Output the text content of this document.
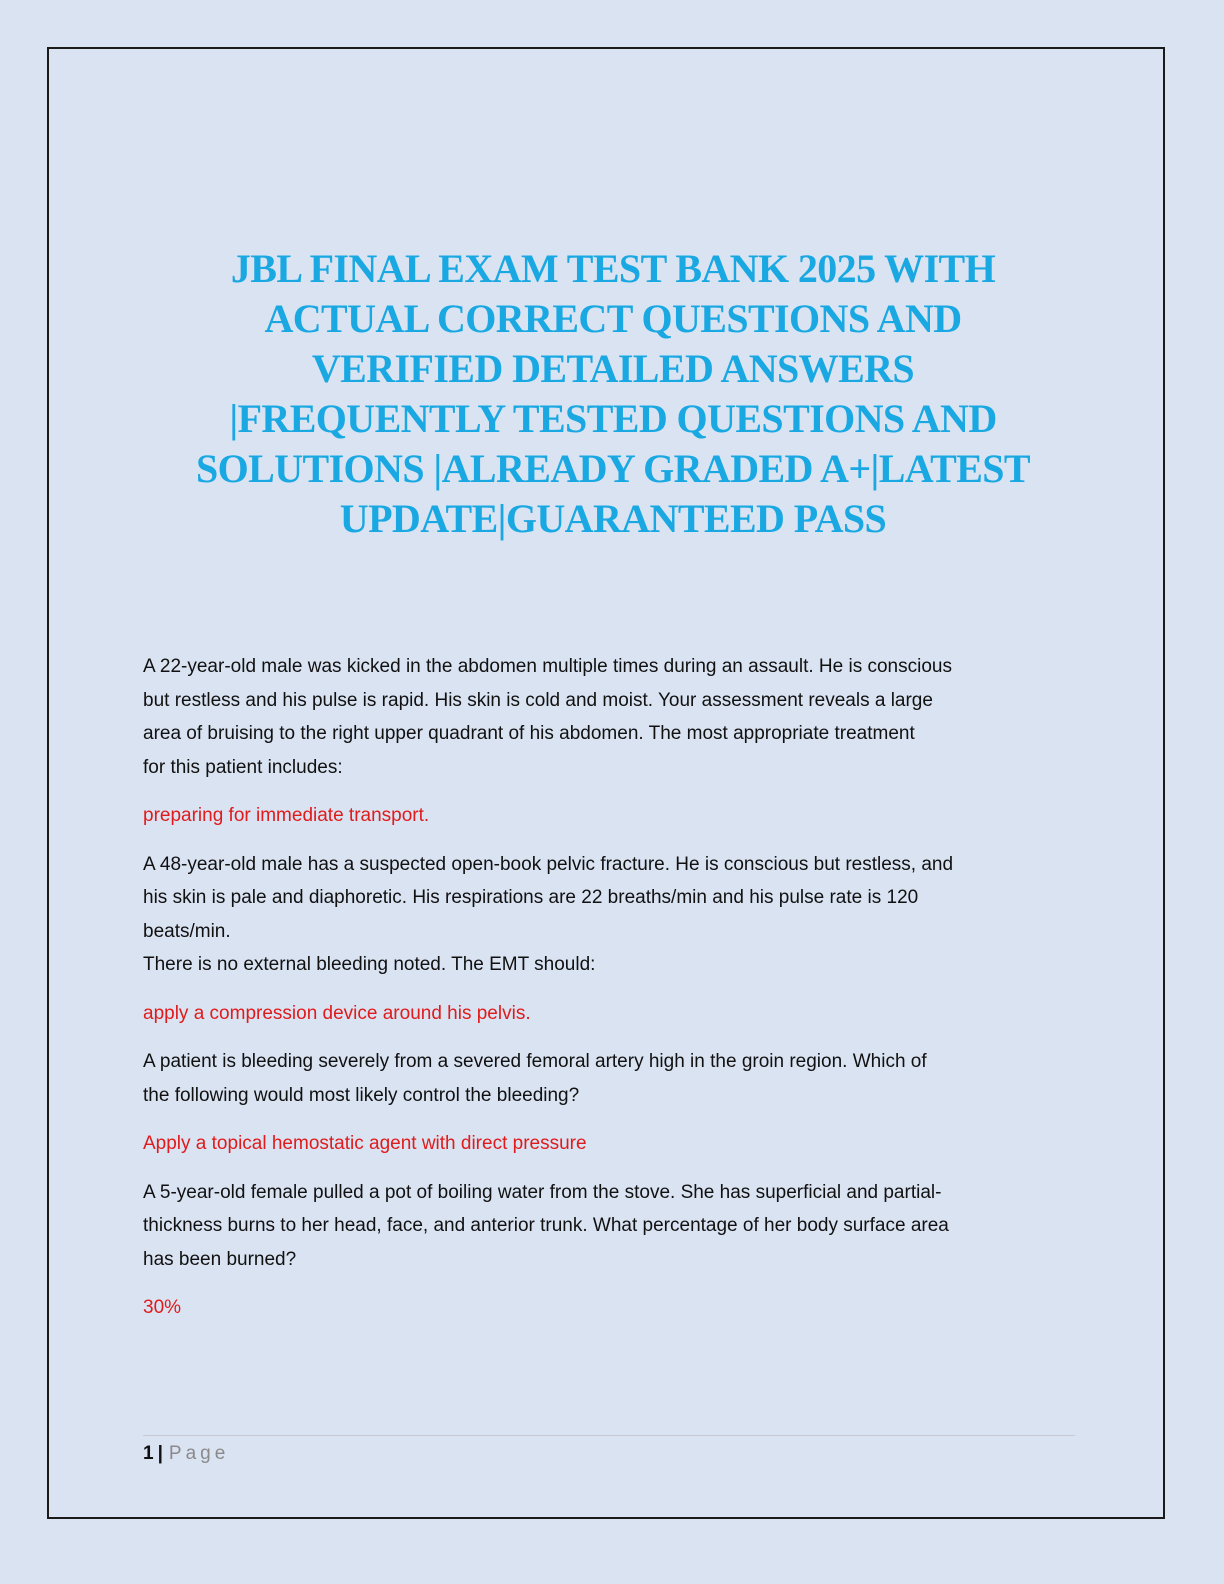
JBL FINAL EXAM TEST BANK 2025 WITH
ACTUAL CORRECT QUESTIONS AND
VERIFIED DETAILED ANSWERS
|FREQUENTLY TESTED QUESTIONS AND
SOLUTIONS |ALREADY GRADED A+|LATEST
UPDATE|GUARANTEED PASS
A 22-year-old male was kicked in the abdomen multiple times during an assault. He is conscious
but restless and his pulse is rapid. His skin is cold and moist. Your assessment reveals a large
area of bruising to the right upper quadrant of his abdomen. The most appropriate treatment
for this patient includes:
preparing for immediate transport.
A 48-year-old male has a suspected open-book pelvic fracture. He is conscious but restless, and
his skin is pale and diaphoretic. His respirations are 22 breaths/min and his pulse rate is 120
beats/min.
There is no external bleeding noted. The EMT should:
apply a compression device around his pelvis.
A patient is bleeding severely from a severed femoral artery high in the groin region. Which of
the following would most likely control the bleeding?
Apply a topical hemostatic agent with direct pressure
A 5-year-old female pulled a pot of boiling water from the stove. She has superficial and partial-
thickness burns to her head, face, and anterior trunk. What percentage of her body surface area
has been burned?
30%
1 | Page
